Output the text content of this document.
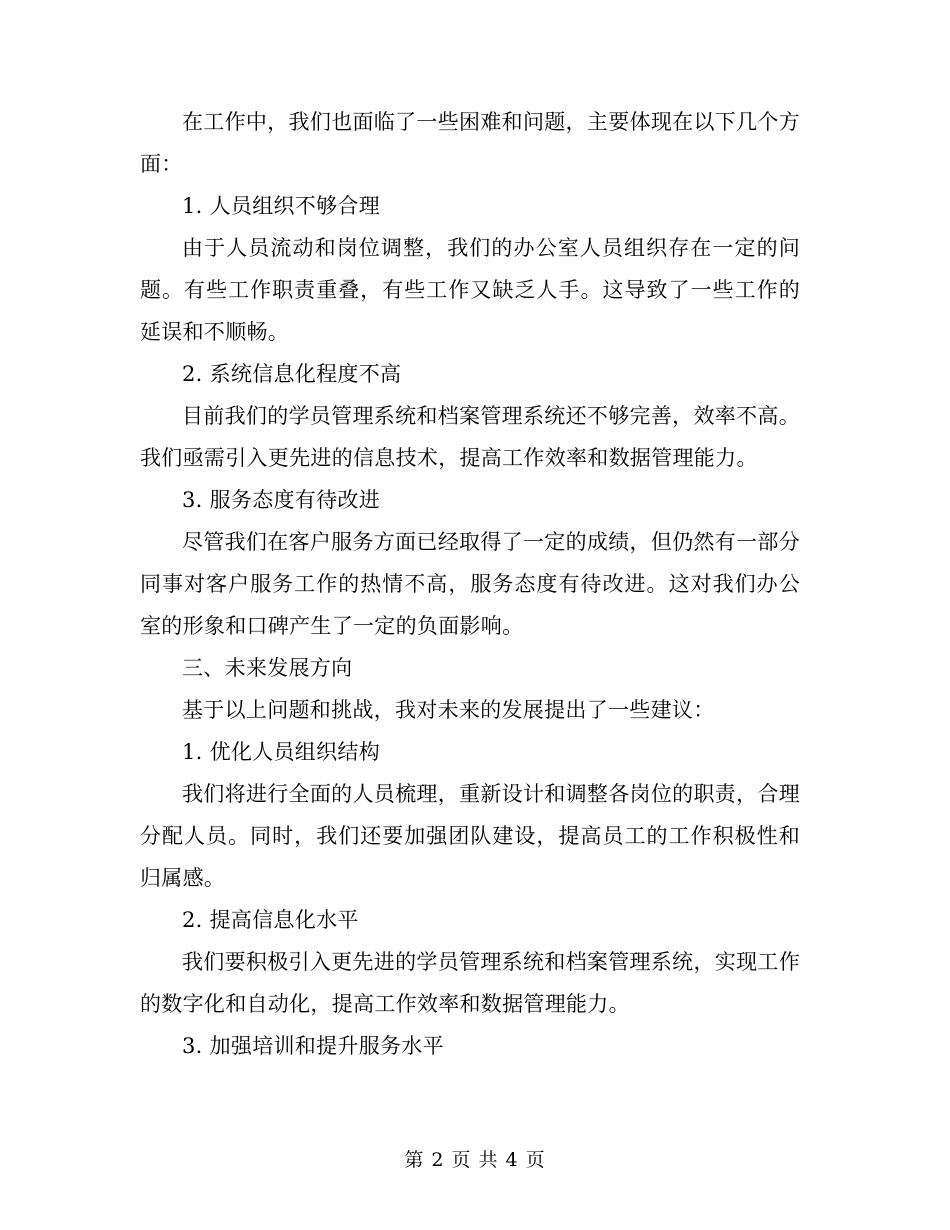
在工作中，我们也面临了一些困难和问题，主要体现在以下几个方面：

1. 人员组织不够合理

由于人员流动和岗位调整，我们的办公室人员组织存在一定的问题。有些工作职责重叠，有些工作又缺乏人手。这导致了一些工作的延误和不顺畅。

2. 系统信息化程度不高

目前我们的学员管理系统和档案管理系统还不够完善，效率不高。我们亟需引入更先进的信息技术，提高工作效率和数据管理能力。

3. 服务态度有待改进

尽管我们在客户服务方面已经取得了一定的成绩，但仍然有一部分同事对客户服务工作的热情不高，服务态度有待改进。这对我们办公室的形象和口碑产生了一定的负面影响。

三、未来发展方向

基于以上问题和挑战，我对未来的发展提出了一些建议：

1. 优化人员组织结构

我们将进行全面的人员梳理，重新设计和调整各岗位的职责，合理分配人员。同时，我们还要加强团队建设，提高员工的工作积极性和归属感。

2. 提高信息化水平

我们要积极引入更先进的学员管理系统和档案管理系统，实现工作的数字化和自动化，提高工作效率和数据管理能力。

3. 加强培训和提升服务水平

第 2 页 共 4 页
